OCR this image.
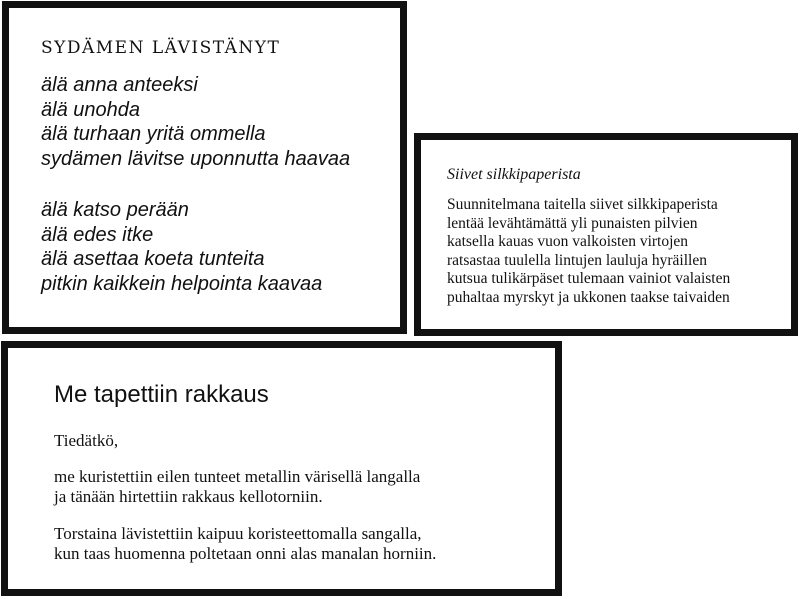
SYDÄMEN LÄVISTÄNYT
älä anna anteeksi
älä unohda
älä turhaan yritä ommella
sydämen lävitse uponnutta haavaa
älä katso perään
älä edes itke
älä asettaa koeta tunteita
pitkin kaikkein helpointa kaavaa
Siivet silkkipaperista
Suunnitelmana taitella siivet silkkipaperista
lentää levähtämättä yli punaisten pilvien
katsella kauas vuon valkoisten virtojen
ratsastaa tuulella lintujen lauluja hyräillen
kutsua tulikärpäset tulemaan vainiot valaisten
puhaltaa myrskyt ja ukkonen taakse taivaiden
Me tapettiin rakkaus
Tiedätkö,
me kuristettiin eilen tunteet metallin värisellä langalla
ja tänään hirtettiin rakkaus kellotorniin.
Torstaina lävistettiin kaipuu koristeettomalla sangalla,
kun taas huomenna poltetaan onni alas manalan horniin.
